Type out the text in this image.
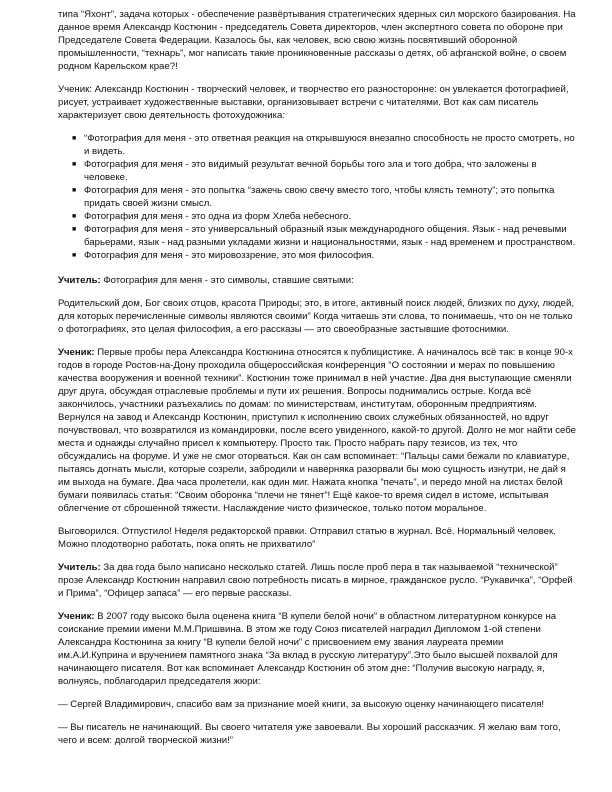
типа “Яхонт”, задача которых - обеспечение развёртывания стратегических ядерных сил морского базирования. На данное время Александр Костюнин - председатель Совета директоров, член экспертного совета по обороне при Председателе Совета Федерации. Казалось бы, как человек, всю свою жизнь посвятивший оборонной промышленности, “технарь”, мог написать такие проникновенные рассказы о детях, об афганской войне, о своем родном Карельском крае?!

Ученик: Александр Костюнин - творческий человек, и творчество его разносторонне: он увлекается фотографией, рисует, устраивает художественные выставки, организовывает встречи с читателями. Вот как сам писатель характеризует свою деятельность фотохудожника:

■ “Фотография для меня - это ответная реакция на открывшуюся внезапно способность не просто смотреть, но и видеть.
■ Фотография для меня - это видимый результат вечной борьбы того зла и того добра, что заложены в человеке.
■ Фотография для меня - это попытка “зажечь свою свечу вместо того, чтобы клясть темноту”; это попытка придать своей жизни смысл.
■ Фотография для меня - это одна из форм Хлеба небесного.
■ Фотография для меня - это универсальный образный язык международного общения. Язык - над речевыми барьерами, язык - над разными укладами жизни и национальностями, язык - над временем и пространством.
■ Фотография для меня - это мировоззрение, это моя философия.

Учитель: Фотография для меня - это символы, ставшие святыми:

Родительский дом, Бог своих отцов, красота Природы; это, в итоге, активный поиск людей, близких по духу, людей, для которых перечисленные символы являются своими” Когда читаешь эти слова, то понимаешь, что он не только о фотографиях, это целая философия, а его рассказы — это своеобразные застывшие фотоснимки.

Ученик: Первые пробы пера Александра Костюнина относятся к публицистике. А начиналось всё так: в конце 90-х годов в городе Ростов-на-Дону проходила общероссийская конференция “О состоянии и мерах по повышению качества вооружения и военной техники”. Костюнин тоже принимал в ней участие. Два дня выступающие сменяли друг друга, обсуждая отраслевые проблемы и пути их решения. Вопросы поднимались острые. Когда всё закончилось, участники разъехались по домам: по министерствам, институтам, оборонным предприятиям. Вернулся на завод и Александр Костюнин, приступил к исполнению своих служебных обязанностей, но вдруг почувствовал, что возвратился из командировки, после всего увиденного, какой-то другой. Долго не мог найти себе места и однажды случайно присел к компьютеру. Просто так. Просто набрать пару тезисов, из тех, что обсуждались на форуме. И уже не смог оторваться. Как он сам вспоминает: “Пальцы сами бежали по клавиатуре, пытаясь догнать мысли, которые созрели, забродили и наверняка разорвали бы мою сущность изнутри, не дай я им выхода на бумаге. Два часа пролетели, как один миг. Нажата кнопка “печать”, и передо мной на листах белой бумаги появилась статья: “Своим оборонка “плечи не тянет”! Ещё какое-то время сидел в истоме, испытывая облегчение от сброшенной тяжести. Наслаждение чисто физическое, только потом моральное.

Выговорился. Отпустило! Неделя редакторской правки. Отправил статью в журнал. Всё. Нормальный человек. Можно плодотворно работать, пока опять не прихватило”

Учитель: За два года было написано несколько статей. Лишь после проб пера в так называемой “технической” прозе Александр Костюнин направил свою потребность писать в мирное, гражданское русло. “Рукавичка”, “Орфей и Прима”, “Офицер запаса” — его первые рассказы.

Ученик: В 2007 году высоко была оценена книга “В купели белой ночи” в областном литературном конкурсе на соискание премии имени М.М.Пришвина. В этом же году Союз писателей наградил Дипломом 1-ой степени Александра Костюнина за книгу “В купели белой ночи” с присвоением ему звания лауреата премии им.А.И.Куприна и вручением памятного знака “За вклад в русскую литературу”.Это было высшей похвалой для начинающего писателя. Вот как вспоминает Александр Костюнин об этом дне: “Получив высокую награду, я, волнуясь, поблагодарил председателя жюри:

— Сергей Владимирович, спасибо вам за признание моей книги, за высокую оценку начинающего писателя!

— Вы писатель не начинающий. Вы своего читателя уже завоевали. Вы хороший рассказчик. Я желаю вам того, чего и всем: долгой творческой жизни!”
